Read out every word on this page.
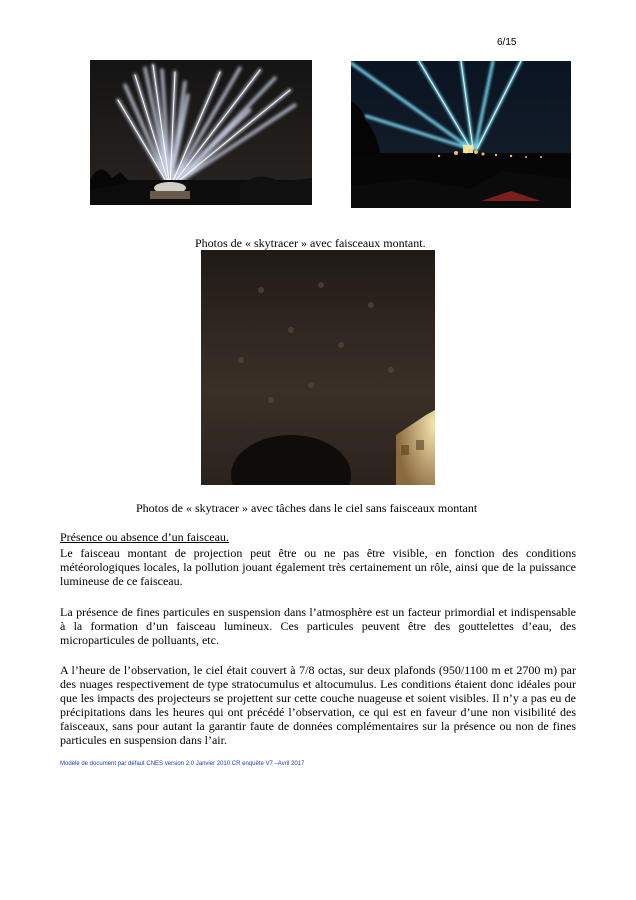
6/15
Photos de « skytracer » avec faisceaux montant.
Photos de « skytracer » avec tâches dans le ciel sans faisceaux montant
Présence ou absence d’un faisceau.
Le faisceau montant de projection peut être ou ne pas être visible, en fonction des conditions météorologiques locales, la pollution jouant également très certainement un rôle, ainsi que de la puissance lumineuse de ce faisceau.
La présence de fines particules en suspension dans l’atmosphère est un facteur primordial et indispensable à la formation d’un faisceau lumineux. Ces particules peuvent être des gouttelettes d’eau, des microparticules de polluants, etc.
A l’heure de l’observation, le ciel était couvert à 7/8 octas, sur deux plafonds (950/1100 m et 2700 m) par des nuages respectivement de type stratocumulus et altocumulus. Les conditions étaient donc idéales pour que les impacts des projecteurs se projettent sur cette couche nuageuse et soient visibles. Il n’y a pas eu de précipitations dans les heures qui ont précédé l’observation, ce qui est en faveur d’une non visibilité des faisceaux, sans pour autant la garantir faute de données complémentaires sur la présence ou non de fines particules en suspension dans l’air.
Modèle de document par défaut CNES version 2.0 Janvier 2010 CR enquête V7 –Avril 2017
